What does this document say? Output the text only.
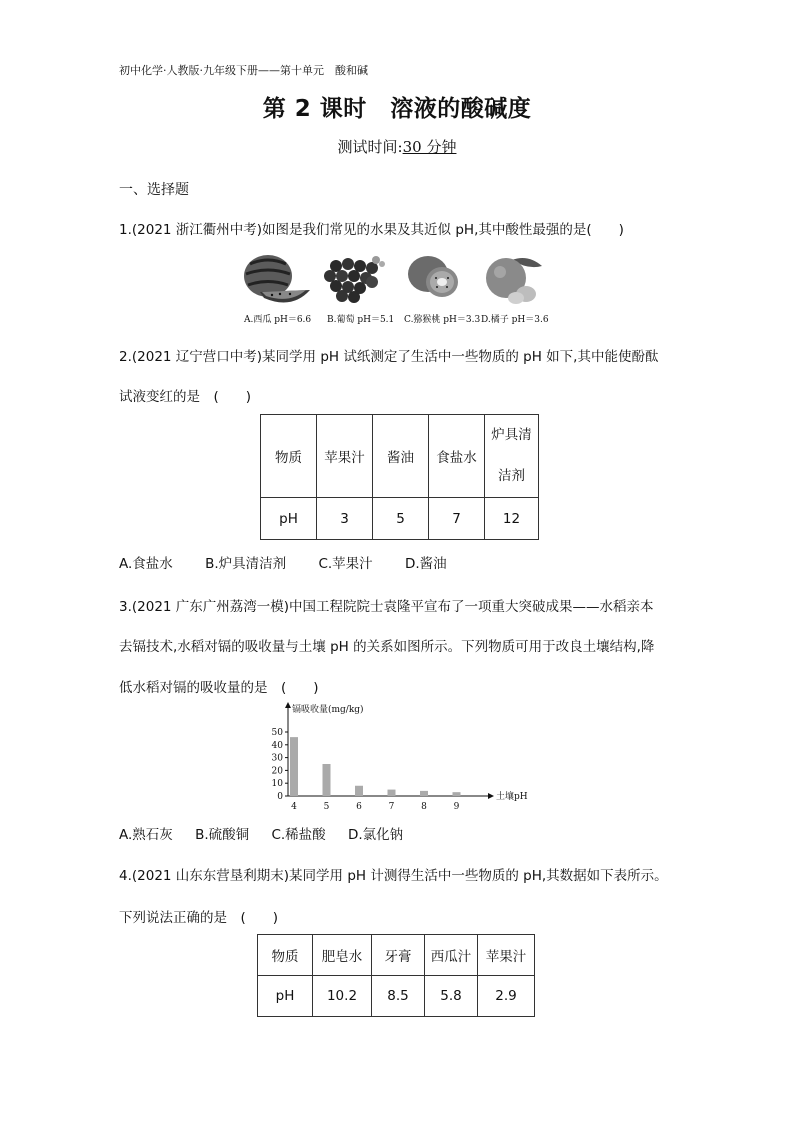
初中化学·人教版·九年级下册——第十单元　酸和碱
第 2 课时　溶液的酸碱度
测试时间:30 分钟
一、选择题
1.(2021 浙江衢州中考)如图是我们常见的水果及其近似 pH,其中酸性最强的是(　　)
A.西瓜 pH＝6.6 B.葡萄 pH＝5.1 C.猕猴桃 pH＝3.3 D.橘子 pH＝3.6
2.(2021 辽宁营口中考)某同学用 pH 试纸测定了生活中一些物质的 pH 如下,其中能使酚酞
试液变红的是　(　　)
物质	苹果汁	酱油	食盐水	炉具清
洁剂

pH	3	5	7	12
A.食盐水 B.炉具清洁剂 C.苹果汁 D.酱油
3.(2021 广东广州荔湾一模)中国工程院院士袁隆平宣布了一项重大突破成果——水稻亲本
去镉技术,水稻对镉的吸收量与土壤 pH 的关系如图所示。下列物质可用于改良土壤结构,降
低水稻对镉的吸收量的是　(　　)
0
10
20
30
40
50
4	5	6	7	8	9
镉吸收量(mg/kg)
土壤pH
A.熟石灰 B.硫酸铜 C.稀盐酸 D.氯化钠
4.(2021 山东东营垦利期末)某同学用 pH 计测得生活中一些物质的 pH,其数据如下表所示。
下列说法正确的是　(　　)
物质	肥皂水	牙膏	西瓜汁	苹果汁
pH	10.2	8.5	5.8	2.9
